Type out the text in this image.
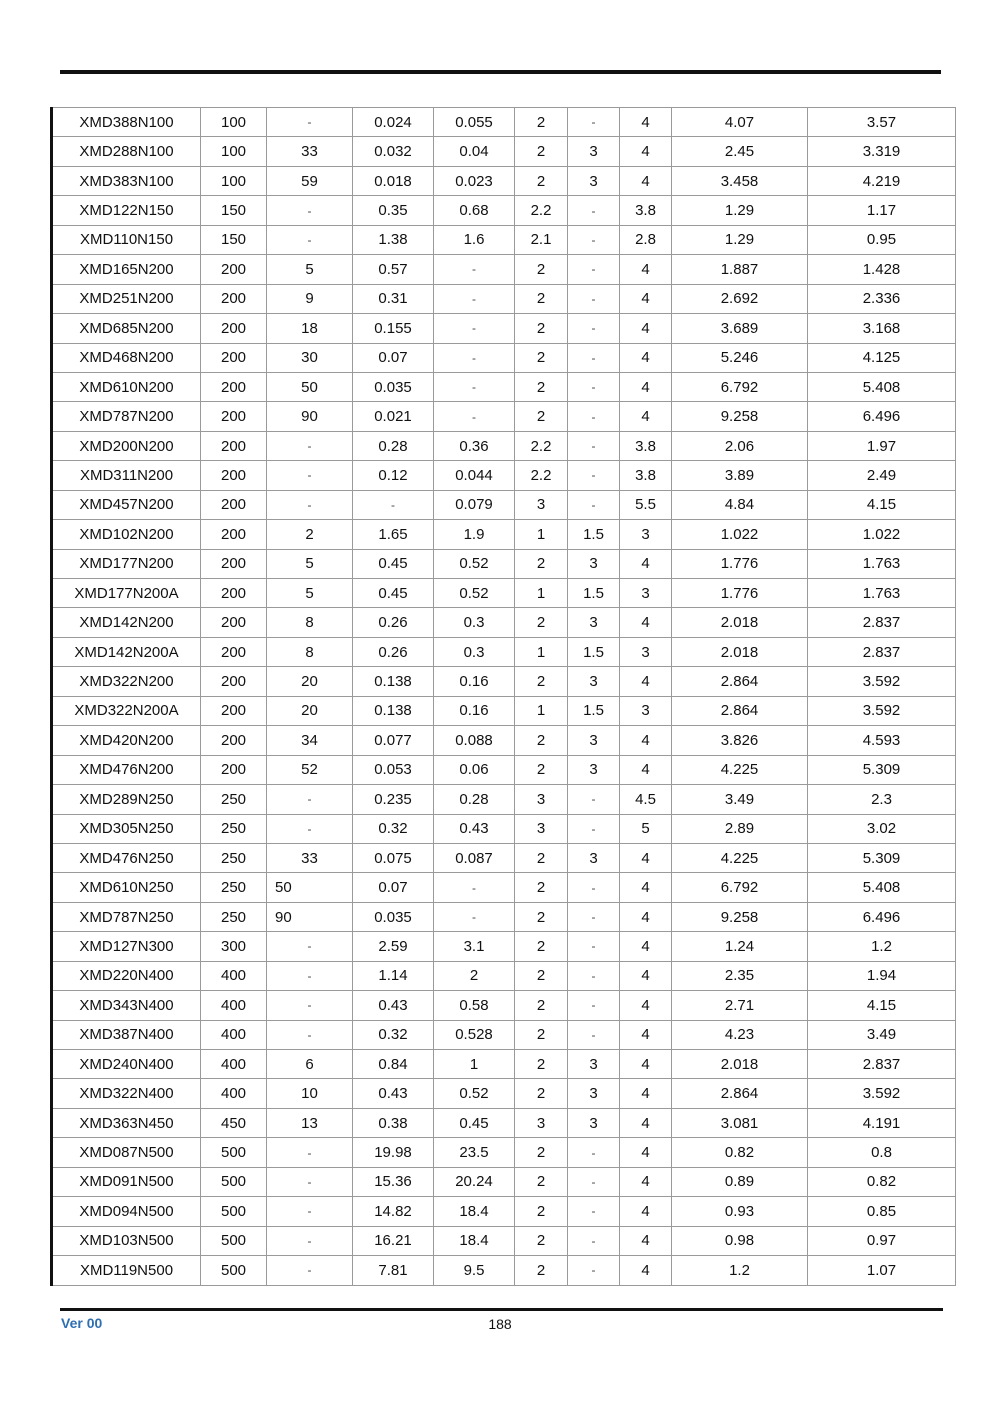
XMD388N100	100	-	0.024	0.055	2	-	4	4.07	3.57
XMD288N100	100	33	0.032	0.04	2	3	4	2.45	3.319
XMD383N100	100	59	0.018	0.023	2	3	4	3.458	4.219
XMD122N150	150	-	0.35	0.68	2.2	-	3.8	1.29	1.17
XMD110N150	150	-	1.38	1.6	2.1	-	2.8	1.29	0.95
XMD165N200	200	5	0.57	-	2	-	4	1.887	1.428
XMD251N200	200	9	0.31	-	2	-	4	2.692	2.336
XMD685N200	200	18	0.155	-	2	-	4	3.689	3.168
XMD468N200	200	30	0.07	-	2	-	4	5.246	4.125
XMD610N200	200	50	0.035	-	2	-	4	6.792	5.408
XMD787N200	200	90	0.021	-	2	-	4	9.258	6.496
XMD200N200	200	-	0.28	0.36	2.2	-	3.8	2.06	1.97
XMD311N200	200	-	0.12	0.044	2.2	-	3.8	3.89	2.49
XMD457N200	200	-	-	0.079	3	-	5.5	4.84	4.15
XMD102N200	200	2	1.65	1.9	1	1.5	3	1.022	1.022
XMD177N200	200	5	0.45	0.52	2	3	4	1.776	1.763
XMD177N200A	200	5	0.45	0.52	1	1.5	3	1.776	1.763
XMD142N200	200	8	0.26	0.3	2	3	4	2.018	2.837
XMD142N200A	200	8	0.26	0.3	1	1.5	3	2.018	2.837
XMD322N200	200	20	0.138	0.16	2	3	4	2.864	3.592
XMD322N200A	200	20	0.138	0.16	1	1.5	3	2.864	3.592
XMD420N200	200	34	0.077	0.088	2	3	4	3.826	4.593
XMD476N200	200	52	0.053	0.06	2	3	4	4.225	5.309
XMD289N250	250	-	0.235	0.28	3	-	4.5	3.49	2.3
XMD305N250	250	-	0.32	0.43	3	-	5	2.89	3.02
XMD476N250	250	33	0.075	0.087	2	3	4	4.225	5.309
XMD610N250	250	50	0.07	-	2	-	4	6.792	5.408
XMD787N250	250	90	0.035	-	2	-	4	9.258	6.496
XMD127N300	300	-	2.59	3.1	2	-	4	1.24	1.2
XMD220N400	400	-	1.14	2	2	-	4	2.35	1.94
XMD343N400	400	-	0.43	0.58	2	-	4	2.71	4.15
XMD387N400	400	-	0.32	0.528	2	-	4	4.23	3.49
XMD240N400	400	6	0.84	1	2	3	4	2.018	2.837
XMD322N400	400	10	0.43	0.52	2	3	4	2.864	3.592
XMD363N450	450	13	0.38	0.45	3	3	4	3.081	4.191
XMD087N500	500	-	19.98	23.5	2	-	4	0.82	0.8
XMD091N500	500	-	15.36	20.24	2	-	4	0.89	0.82
XMD094N500	500	-	14.82	18.4	2	-	4	0.93	0.85
XMD103N500	500	-	16.21	18.4	2	-	4	0.98	0.97
XMD119N500	500	-	7.81	9.5	2	-	4	1.2	1.07
Ver 00	188
